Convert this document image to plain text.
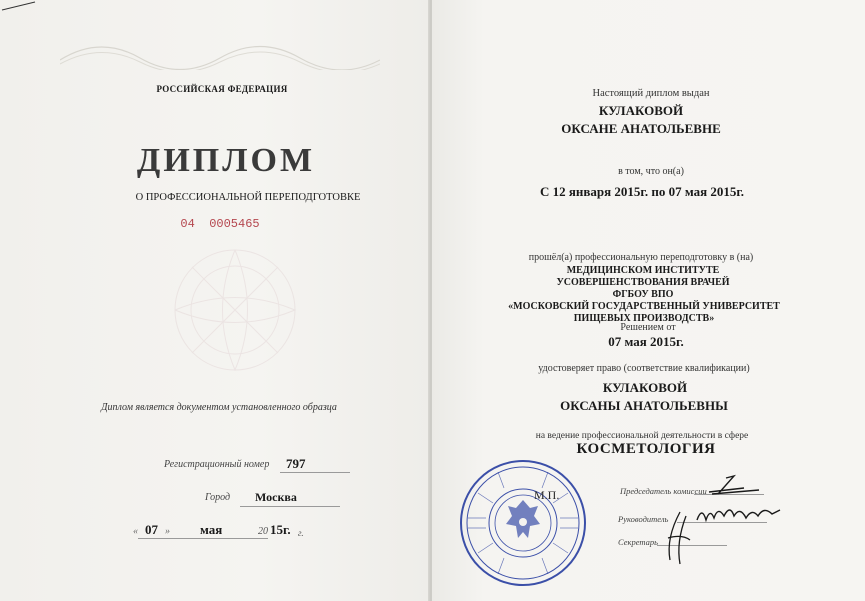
РОССИЙСКАЯ ФЕДЕРАЦИЯ
ДИПЛОМ
О ПРОФЕССИОНАЛЬНОЙ ПЕРЕПОДГОТОВКЕ
04  0005465
Диплом является документом установленного образца
Регистрационный номер 797
Город Москва
« 07 » мая	20 15г. г.
Настоящий диплом выдан
КУЛАКОВОЙ
ОКСАНЕ АНАТОЛЬЕВНЕ
в том, что он(а)
С 12 января 2015г. по 07 мая 2015г.
прошёл(а) профессиональную переподготовку в (на)
МЕДИЦИНСКОМ ИНСТИТУТЕ
УСОВЕРШЕНСТВОВАНИЯ ВРАЧЕЙ
ФГБОУ ВПО
«МОСКОВСКИЙ ГОСУДАРСТВЕННЫЙ УНИВЕРСИТЕТ
ПИЩЕВЫХ ПРОИЗВОДСТВ»
Решением от
07 мая 2015г.
удостоверяет право (соответствие квалификации)
КУЛАКОВОЙ
ОКСАНЫ АНАТОЛЬЕВНЫ
на ведение профессиональной деятельности в сфере
КОСМЕТОЛОГИЯ
Председатель комиссии
Руководитель
Секретарь
М.П.
